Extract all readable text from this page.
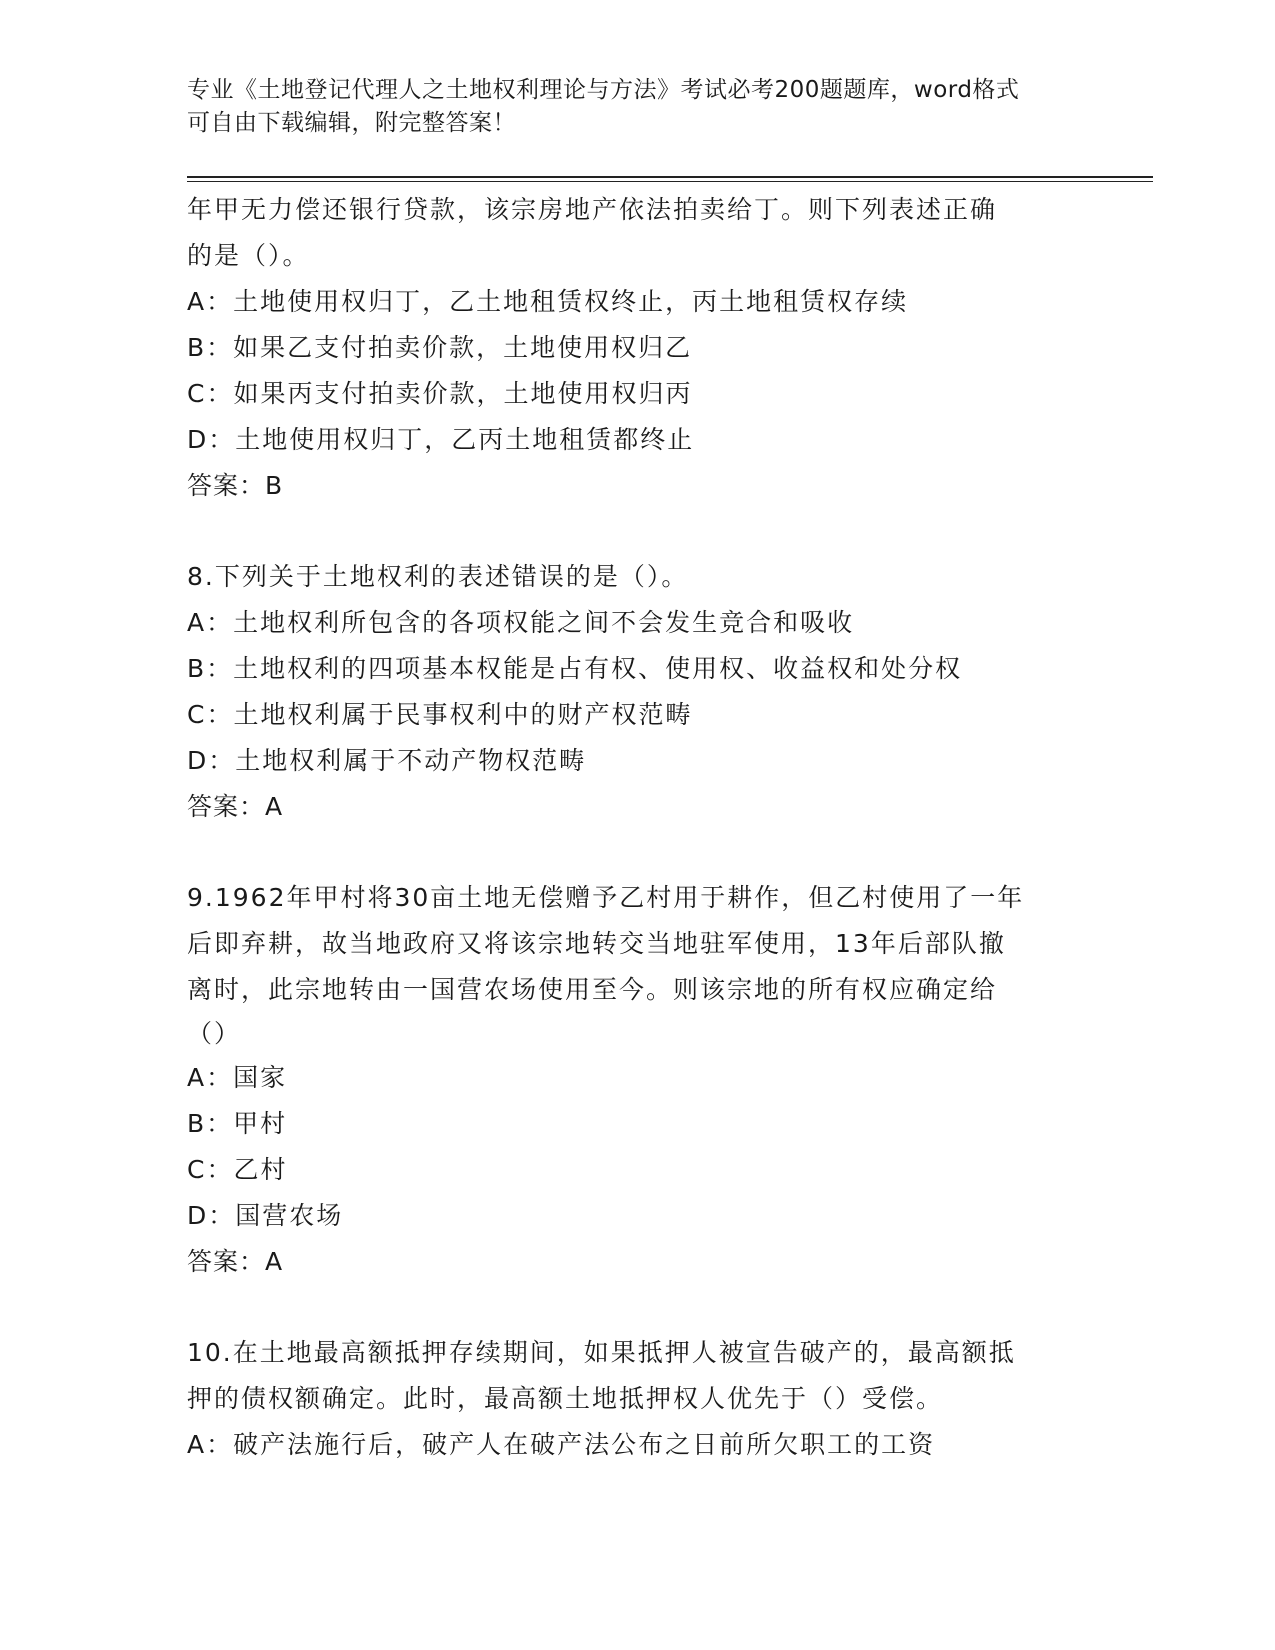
专业《土地登记代理人之土地权利理论与方法》考试必考200题题库，word格式
可自由下载编辑，附完整答案！
年甲无力偿还银行贷款，该宗房地产依法拍卖给丁。则下列表述正确
的是（）。
A：土地使用权归丁，乙土地租赁权终止，丙土地租赁权存续
B：如果乙支付拍卖价款，土地使用权归乙
C：如果丙支付拍卖价款，土地使用权归丙
D：土地使用权归丁，乙丙土地租赁都终止
答案：B
8.下列关于土地权利的表述错误的是（）。
A：土地权利所包含的各项权能之间不会发生竞合和吸收
B：土地权利的四项基本权能是占有权、使用权、收益权和处分权
C：土地权利属于民事权利中的财产权范畴
D：土地权利属于不动产物权范畴
答案：A
9.1962年甲村将30亩土地无偿赠予乙村用于耕作，但乙村使用了一年
后即弃耕，故当地政府又将该宗地转交当地驻军使用，13年后部队撤
离时，此宗地转由一国营农场使用至今。则该宗地的所有权应确定给
（）
A：国家
B：甲村
C：乙村
D：国营农场
答案：A
10.在土地最高额抵押存续期间，如果抵押人被宣告破产的，最高额抵
押的债权额确定。此时，最高额土地抵押权人优先于（）受偿。
A：破产法施行后，破产人在破产法公布之日前所欠职工的工资
